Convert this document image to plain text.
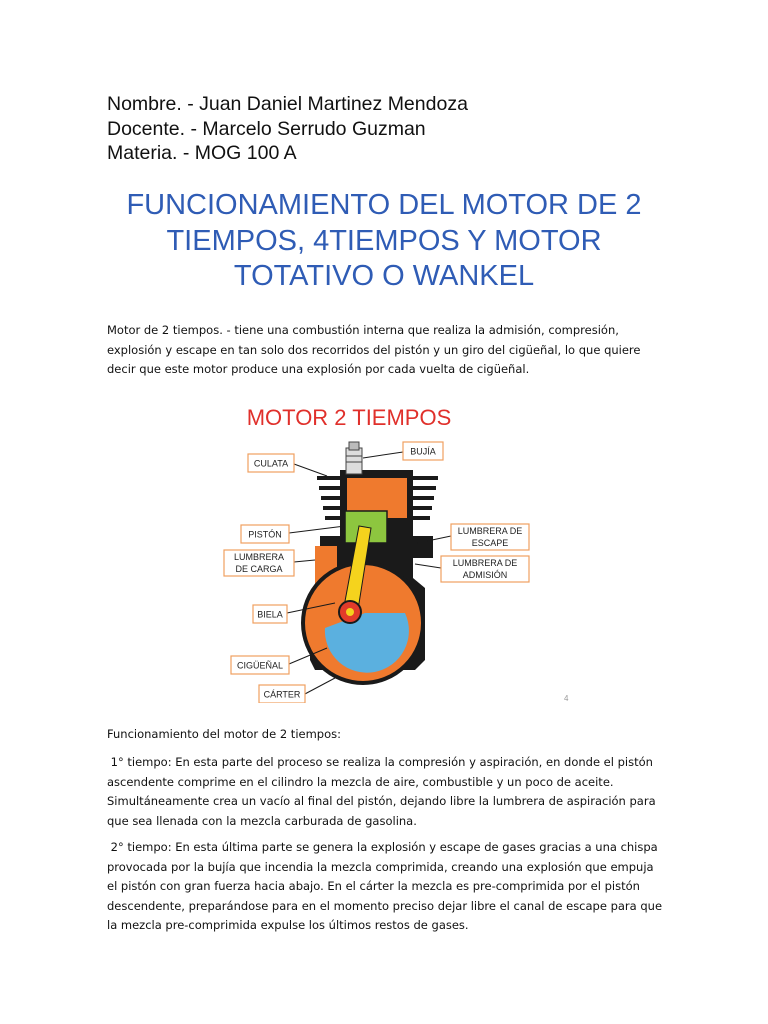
Nombre. - Juan Daniel Martinez Mendoza
Docente. - Marcelo Serrudo Guzman
Materia. - MOG 100 A
FUNCIONAMIENTO DEL MOTOR DE 2
TIEMPOS, 4TIEMPOS Y MOTOR
TOTATIVO O WANKEL
Motor de 2 tiempos. - tiene una combustión interna que realiza la admisión, compresión, explosión y escape en tan solo dos recorridos del pistón y un giro del cigüeñal, lo que quiere decir que este motor produce una explosión por cada vuelta de cigüeñal.
MOTOR 2 TIEMPOS
CULATA
BUJÍA
PISTÓN
LUMBRERA
DE CARGA
LUMBRERA DE
ESCAPE
LUMBRERA DE
ADMISIÓN
BIELA
CIGÜEÑAL
CÁRTER	4
Funcionamiento del motor de 2 tiempos:
1° tiempo: En esta parte del proceso se realiza la compresión y aspiración, en donde el pistón ascendente comprime en el cilindro la mezcla de aire, combustible y un poco de aceite. Simultáneamente crea un vacío al final del pistón, dejando libre la lumbrera de aspiración para que sea llenada con la mezcla carburada de gasolina.
2° tiempo: En esta última parte se genera la explosión y escape de gases gracias a una chispa provocada por la bujía que incendia la mezcla comprimida, creando una explosión que empuja el pistón con gran fuerza hacia abajo. En el cárter la mezcla es pre-comprimida por el pistón descendente, preparándose para en el momento preciso dejar libre el canal de escape para que la mezcla pre-comprimida expulse los últimos restos de gases.
